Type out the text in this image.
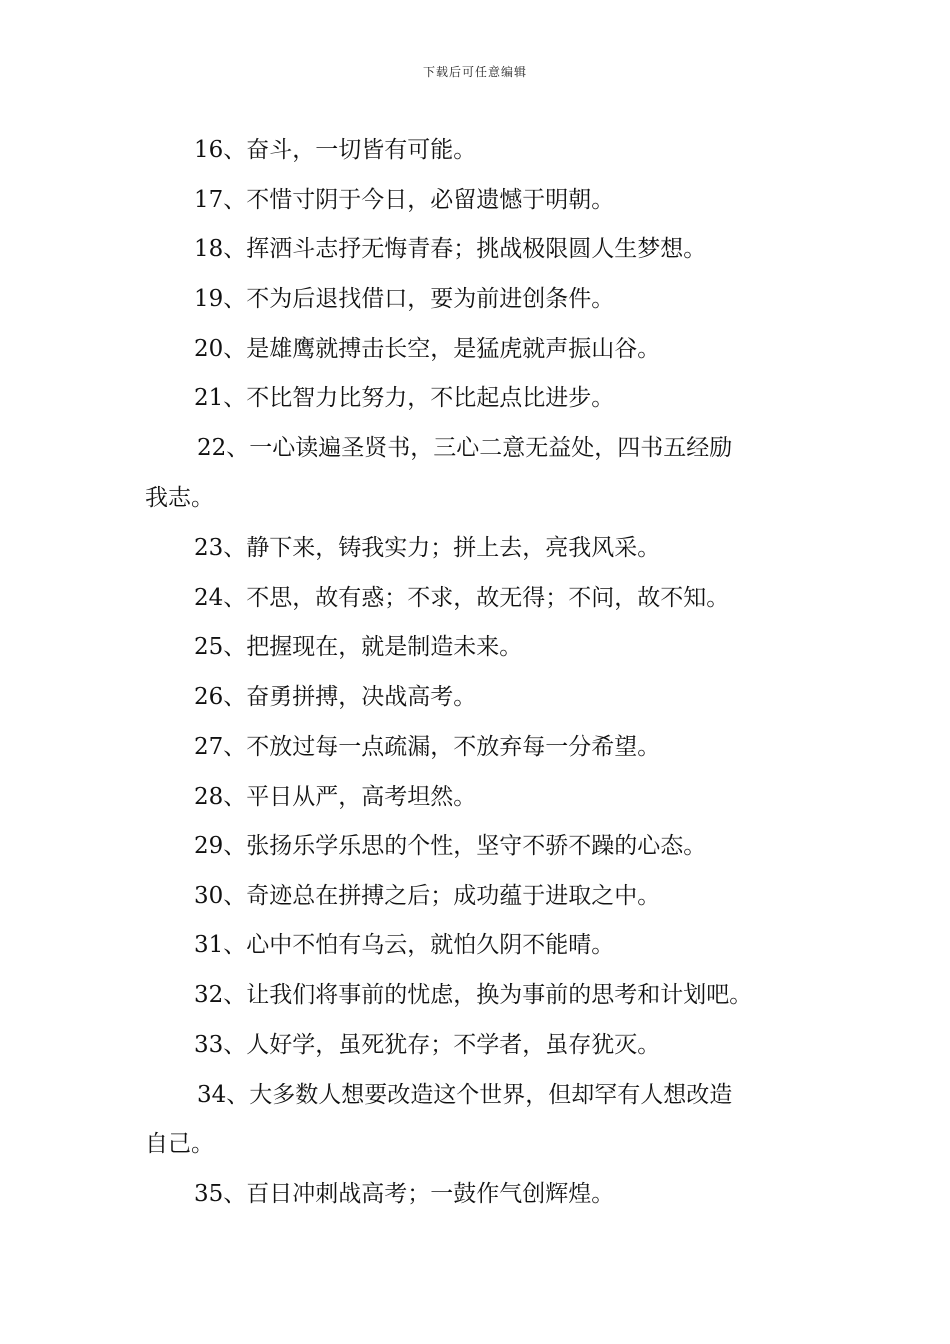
下载后可任意编辑
16、奋斗，一切皆有可能。
17、不惜寸阴于今日，必留遗憾于明朝。
18、挥洒斗志抒无悔青春；挑战极限圆人生梦想。
19、不为后退找借口，要为前进创条件。
20、是雄鹰就搏击长空，是猛虎就声振山谷。
21、不比智力比努力，不比起点比进步。
22、一心读遍圣贤书，三心二意无益处，四书五经励
我志。
23、静下来，铸我实力；拼上去，亮我风采。
24、不思，故有惑；不求，故无得；不问，故不知。
25、把握现在，就是制造未来。
26、奋勇拼搏，决战高考。
27、不放过每一点疏漏，不放弃每一分希望。
28、平日从严，高考坦然。
29、张扬乐学乐思的个性，坚守不骄不躁的心态。
30、奇迹总在拼搏之后；成功蕴于进取之中。
31、心中不怕有乌云，就怕久阴不能晴。
32、让我们将事前的忧虑，换为事前的思考和计划吧。
33、人好学，虽死犹存；不学者，虽存犹灭。
34、大多数人想要改造这个世界，但却罕有人想改造
自己。
35、百日冲刺战高考；一鼓作气创辉煌。
